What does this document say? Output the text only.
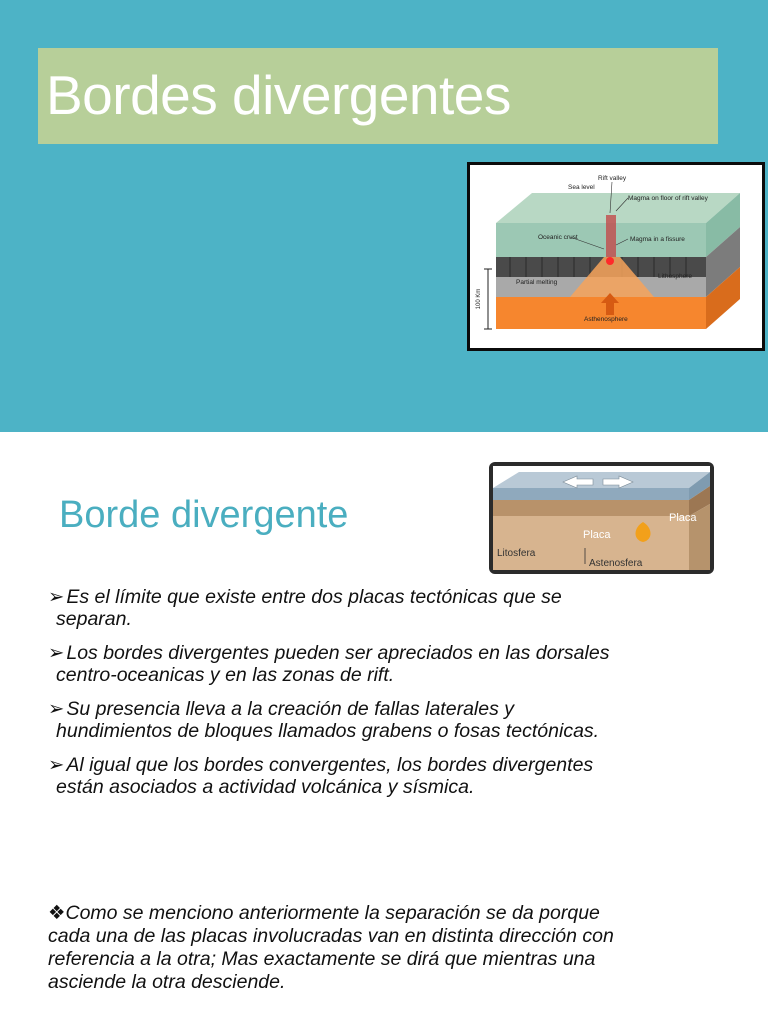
Bordes divergentes
100 Km
Rift valley
Sea level
Magma on floor of rift valley
Oceanic crust	Magma in a fissure
Partial melting
Lithosphere
Asthenosphere
Placa
Placa
Litosfera
Astenosfera
Borde divergente
➢ Es el límite que existe entre dos placas tectónicas que se
separan.
➢ Los bordes divergentes pueden ser apreciados en las dorsales
centro-oceanicas y en las zonas de rift.
➢ Su presencia lleva a la creación de fallas laterales y
hundimientos de bloques llamados grabens o fosas tectónicas.
➢ Al igual que los bordes convergentes, los bordes divergentes
están asociados a actividad volcánica y sísmica.

❖Como se menciono anteriormente la separación se da porque
cada una de las placas involucradas van en distinta dirección con
referencia a la otra; Mas exactamente se dirá que mientras una
asciende la otra desciende.
